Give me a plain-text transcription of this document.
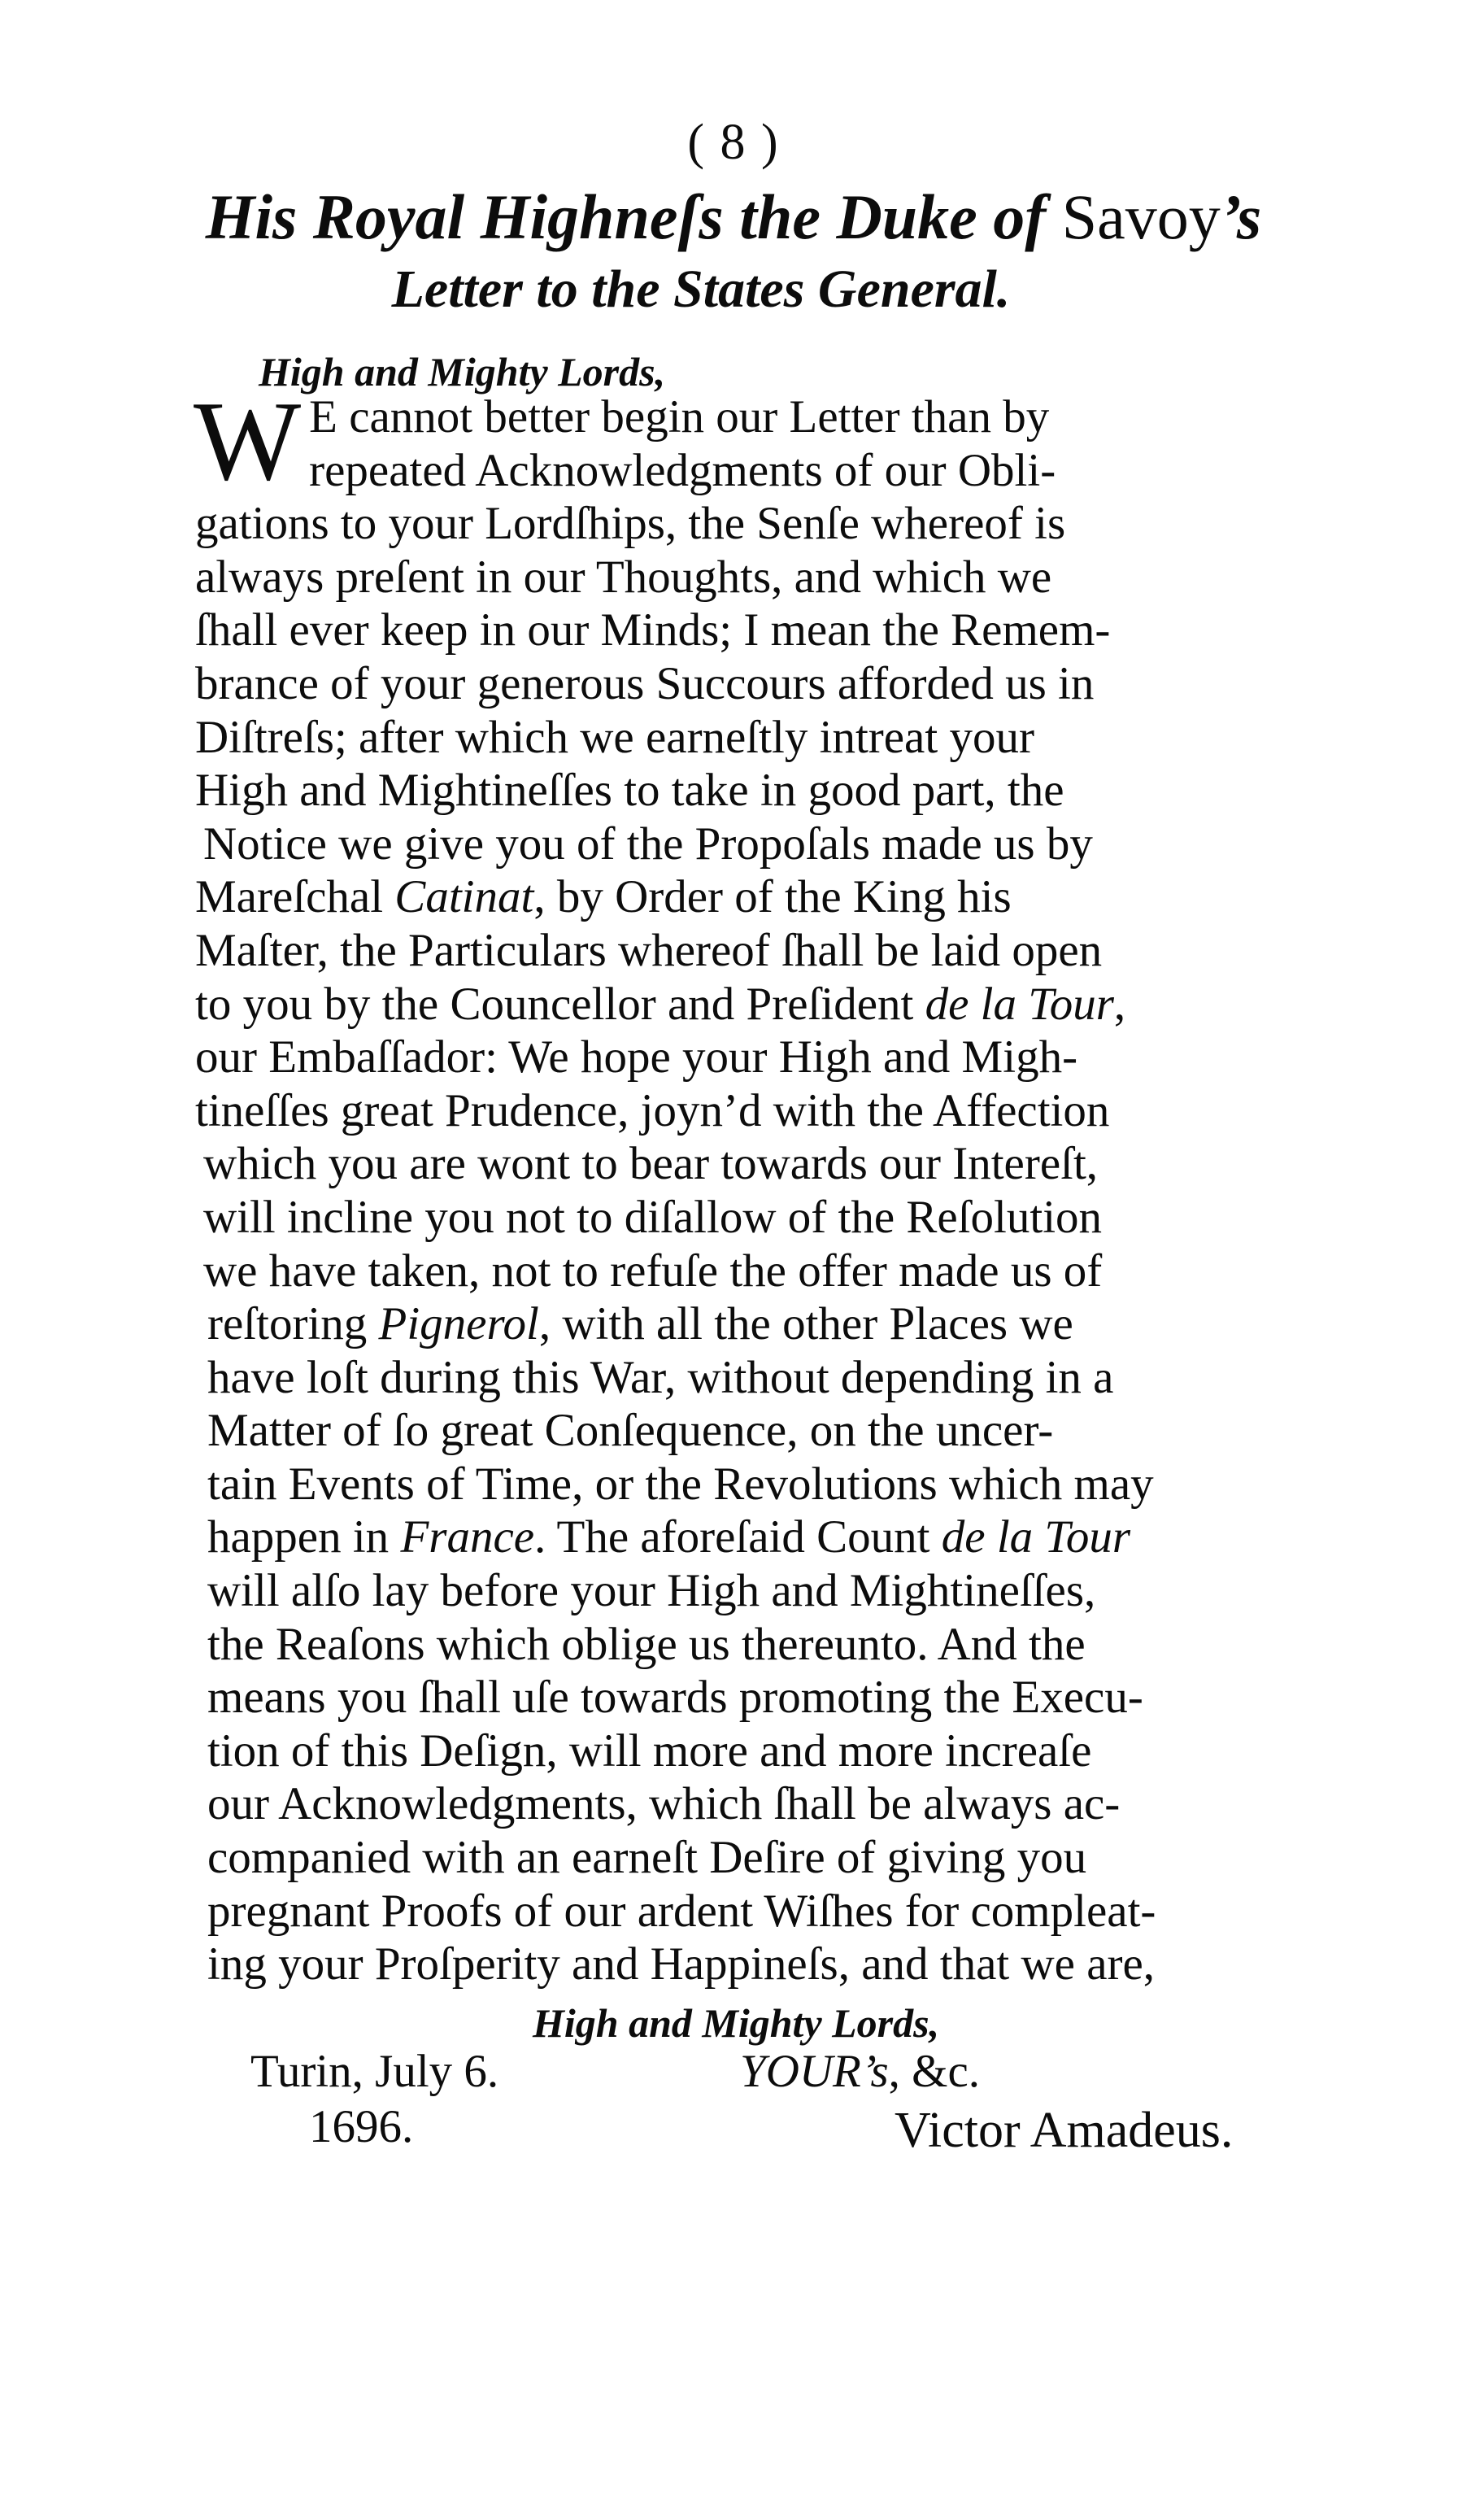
( 8 )
His Royal Highneſs the Duke of Savoy’s
Letter to the States General.
High and Mighty Lords,
W E cannot better begin our Letter than by
repeated Acknowledgments of our Obli-
gations to your Lordſhips, the Senſe whereof is
always preſent in our Thoughts, and which we
ſhall ever keep in our Minds; I mean the Remem-
brance of your generous Succours afforded us in
Diſtreſs; after which we earneſtly intreat your
High and Mightineſſes to take in good part, the
Notice we give you of the Propoſals made us by
Mareſchal Catinat, by Order of the King his
Maſter, the Particulars whereof ſhall be laid open
to you by the Councellor and Preſident de la Tour,
our Embaſſador: We hope your High and Migh-
tineſſes great Prudence, joyn’d with the Affection
which you are wont to bear towards our Intereſt,
will incline you not to diſallow of the Reſolution
we have taken, not to refuſe the offer made us of
reſtoring Pignerol, with all the other Places we
have loſt during this War, without depending in a
Matter of ſo great Conſequence, on the uncer-
tain Events of Time, or the Revolutions which may
happen in France. The aforeſaid Count de la Tour
will alſo lay before your High and Mightineſſes,
the Reaſons which oblige us thereunto. And the
means you ſhall uſe towards promoting the Execu-
tion of this Deſign, will more and more increaſe
our Acknowledgments, which ſhall be always ac-
companied with an earneſt Deſire of giving you
pregnant Proofs of our ardent Wiſhes for compleat-
ing your Proſperity and Happineſs, and that we are,
High and Mighty Lords,
Turin, July 6.	YOUR’s, &c.
1696.	Victor Amadeus.
